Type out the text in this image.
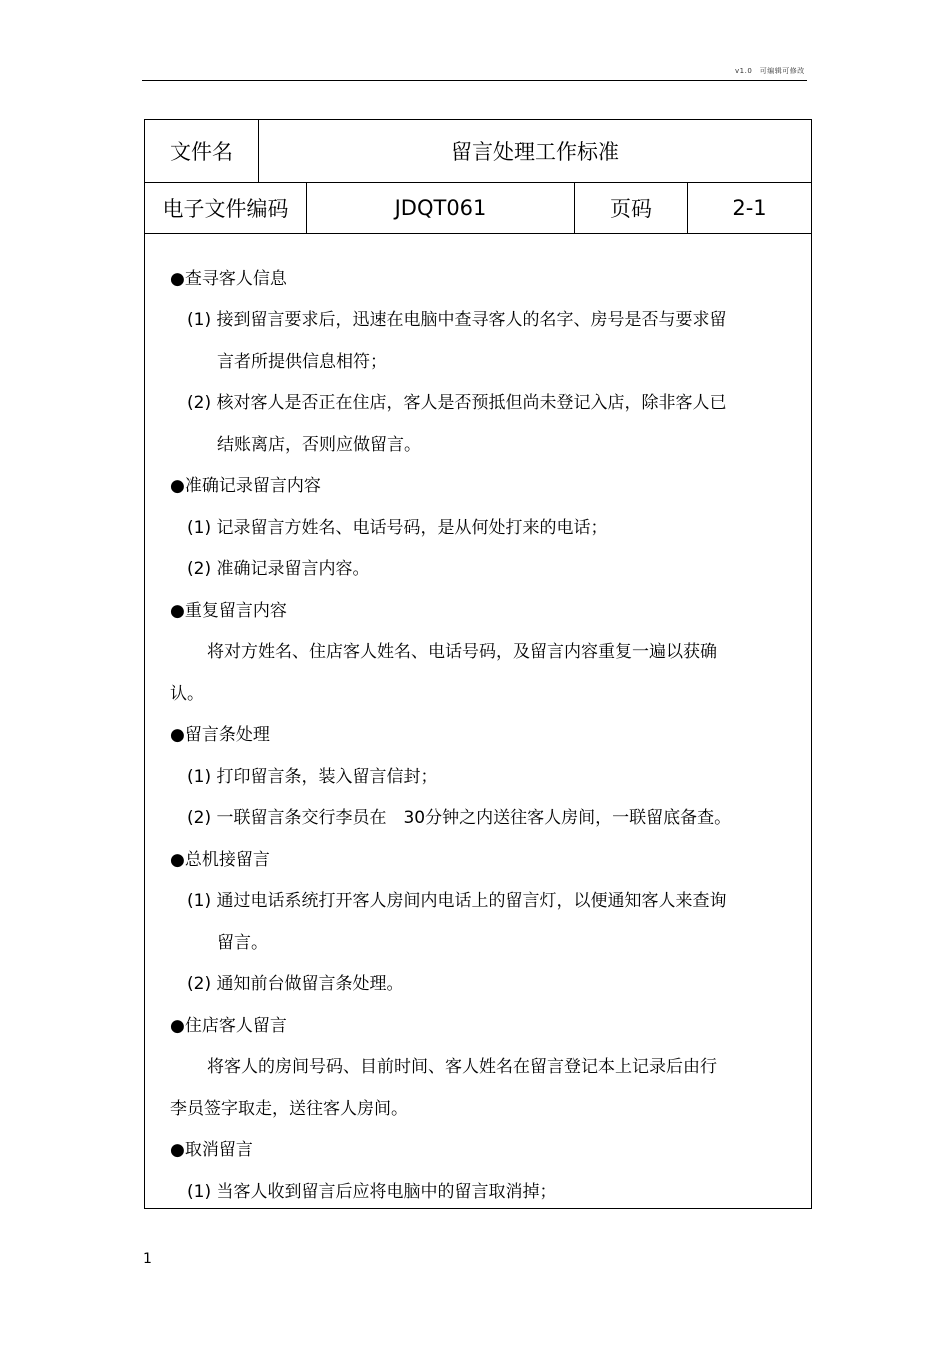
v1.0　可编辑可修改
文件名	留言处理工作标准
电子文件编码	JDQT061	页码	2-1
●查寻客人信息
(1) 接到留言要求后，迅速在电脑中查寻客人的名字、房号是否与要求留
言者所提供信息相符；
(2) 核对客人是否正在住店，客人是否预抵但尚未登记入店，除非客人已
结账离店，否则应做留言。
●准确记录留言内容
(1) 记录留言方姓名、电话号码，是从何处打来的电话；
(2) 准确记录留言内容。
●重复留言内容
将对方姓名、住店客人姓名、电话号码，及留言内容重复一遍以获确
认。
●留言条处理
(1) 打印留言条，装入留言信封；
(2) 一联留言条交行李员在　30分钟之内送往客人房间，一联留底备查。
●总机接留言
(1) 通过电话系统打开客人房间内电话上的留言灯，以便通知客人来查询
留言。
(2) 通知前台做留言条处理。
●住店客人留言
将客人的房间号码、目前时间、客人姓名在留言登记本上记录后由行
李员签字取走，送往客人房间。
●取消留言
(1) 当客人收到留言后应将电脑中的留言取消掉；
1
